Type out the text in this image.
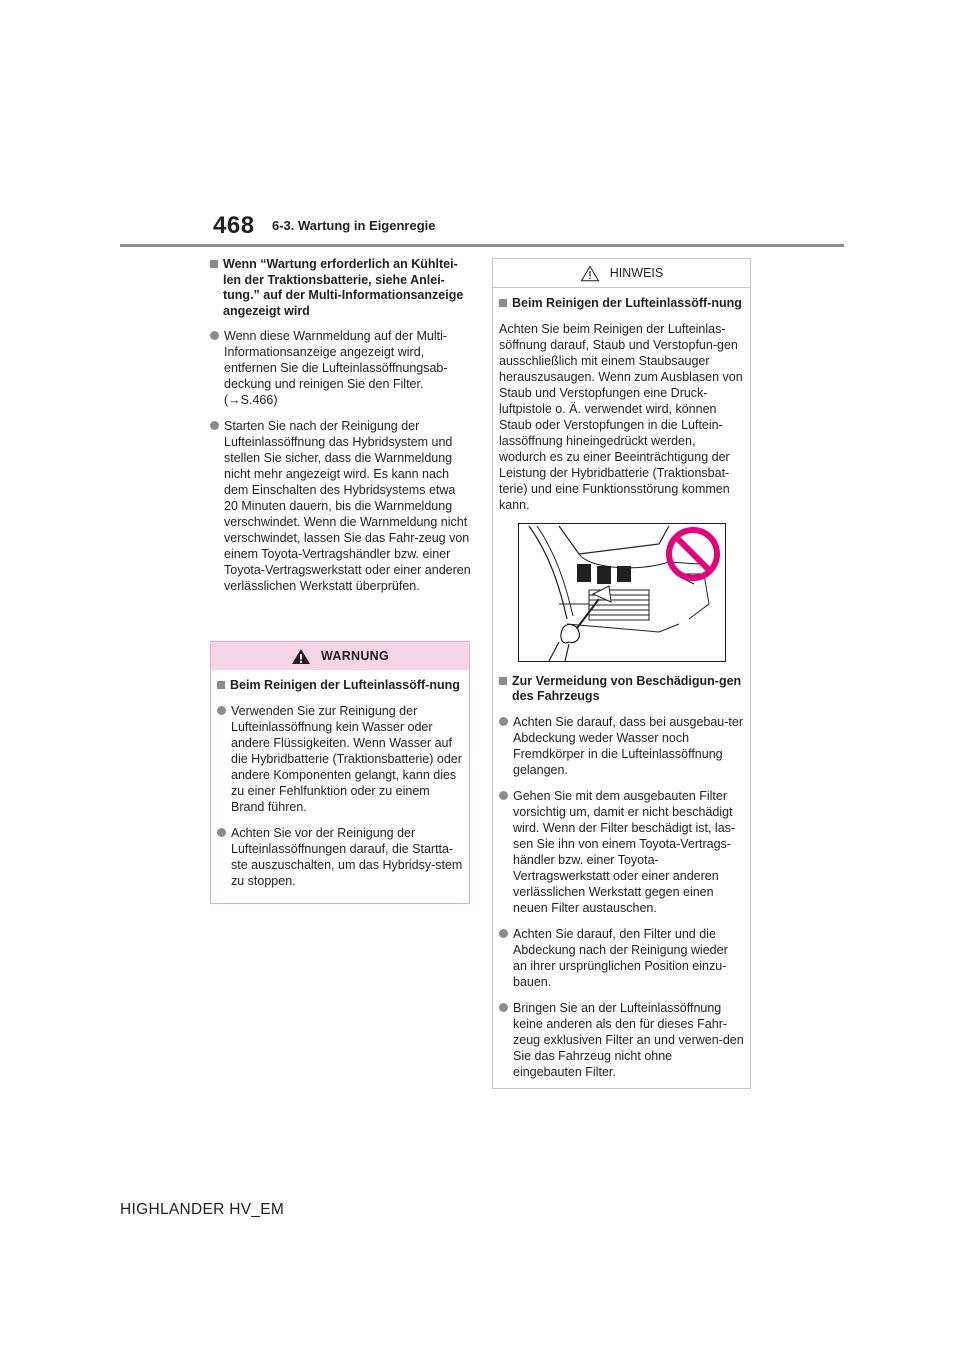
468 6-3. Wartung in Eigenregie
Wenn “Wartung erforderlich an Kühltei-len der Traktionsbatterie, siehe Anlei-tung.” auf der Multi-Informationsanzeige angezeigt wird
Wenn diese Warnmeldung auf der Multi-Informationsanzeige angezeigt wird, entfernen Sie die Lufteinlassöffnungsab-deckung und reinigen Sie den Filter. (→S.466)
Starten Sie nach der Reinigung der Lufteinlassöffnung das Hybridsystem und stellen Sie sicher, dass die Warnmeldung nicht mehr angezeigt wird. Es kann nach dem Einschalten des Hybridsystems etwa 20 Minuten dauern, bis die Warnmeldung verschwindet. Wenn die Warnmeldung nicht verschwindet, lassen Sie das Fahr-zeug von einem Toyota-Vertragshändler bzw. einer Toyota-Vertragswerkstatt oder einer anderen verlässlichen Werkstatt überprüfen.
WARNUNG
Beim Reinigen der Lufteinlassöff-nung
Verwenden Sie zur Reinigung der Lufteinlassöffnung kein Wasser oder andere Flüssigkeiten. Wenn Wasser auf die Hybridbatterie (Traktionsbatterie) oder andere Komponenten gelangt, kann dies zu einer Fehlfunktion oder zu einem Brand führen.
Achten Sie vor der Reinigung der Lufteinlassöffnungen darauf, die Startta-ste auszuschalten, um das Hybridsy-stem zu stoppen.
HINWEIS
Beim Reinigen der Lufteinlassöff-nung

Achten Sie beim Reinigen der Lufteinlas-söffnung darauf, Staub und Verstopfun-gen ausschließlich mit einem Staubsauger herauszusaugen. Wenn zum Ausblasen von Staub und Verstopfungen eine Druck-luftpistole o. Ä. verwendet wird, können Staub oder Verstopfungen in die Luftein-lassöffnung hineingedrückt werden, wodurch es zu einer Beeinträchtigung der Leistung der Hybridbatterie (Traktionsbat-terie) und eine Funktionsstörung kommen kann.

Zur Vermeidung von Beschädigun-gen des Fahrzeugs
Achten Sie darauf, dass bei ausgebau-ter Abdeckung weder Wasser noch Fremdkörper in die Lufteinlassöffnung gelangen.
Gehen Sie mit dem ausgebauten Filter vorsichtig um, damit er nicht beschädigt wird. Wenn der Filter beschädigt ist, las-sen Sie ihn von einem Toyota-Vertrags-händler bzw. einer Toyota-Vertragswerkstatt oder einer anderen verlässlichen Werkstatt gegen einen neuen Filter austauschen.
Achten Sie darauf, den Filter und die Abdeckung nach der Reinigung wieder an ihrer ursprünglichen Position einzu-bauen.
Bringen Sie an der Lufteinlassöffnung keine anderen als den für dieses Fahr-zeug exklusiven Filter an und verwen-den Sie das Fahrzeug nicht ohne eingebauten Filter.
HIGHLANDER HV_EM
